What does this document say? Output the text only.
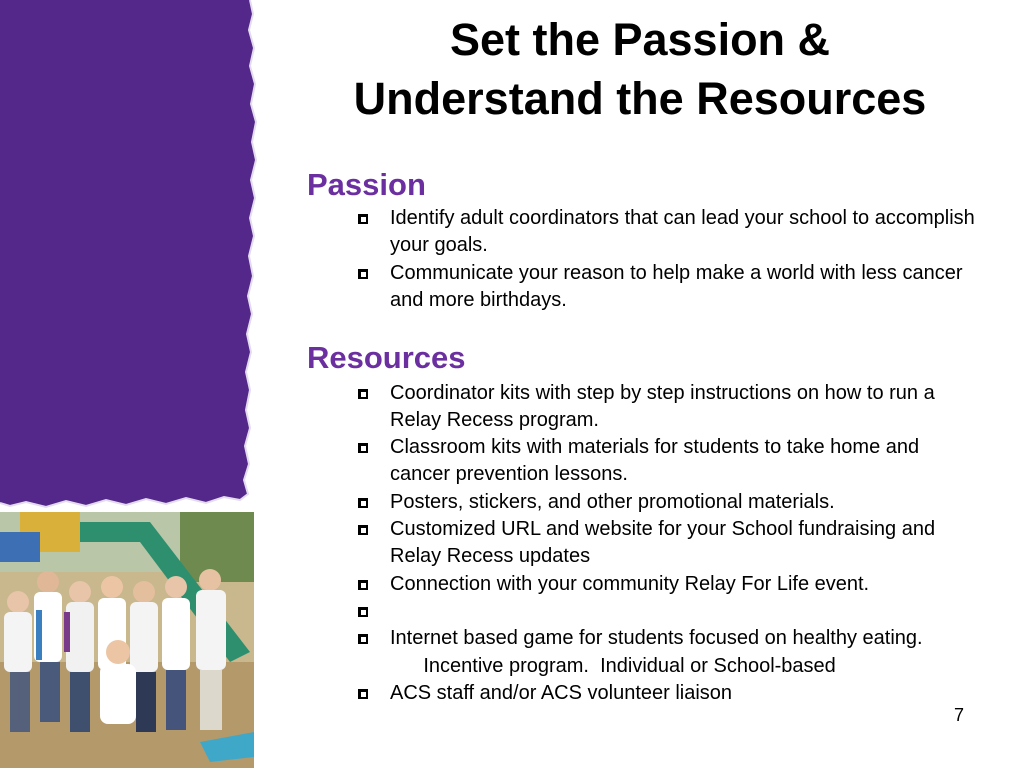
Set the Passion &
Understand the Resources
Passion
Identify adult coordinators that can lead your school to accomplish your goals.
Communicate your reason to help make a world with less cancer and more birthdays.
Resources
Coordinator kits with step by step instructions on how to run a Relay Recess program.
Classroom kits with materials for students to take home and cancer prevention lessons.
Posters, stickers, and other promotional materials.
Customized URL and website for your School fundraising and Relay Recess updates
Connection with your community Relay For Life event.

Incentive program.  Individual or School-based

Internet based game for students focused on healthy eating.
ACS staff and/or ACS volunteer liaison
7
